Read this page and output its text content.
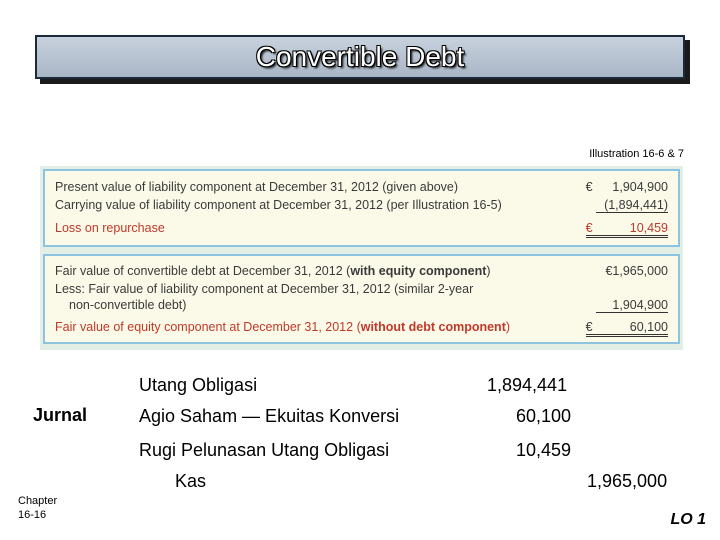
Convertible Debt
Illustration 16-6 & 7
Present value of liability component at December 31, 2012 (given above)	€ 1,904,900
Carrying value of liability component at December 31, 2012 (per Illustration 16-5)	(1,894,441)
Loss on repurchase	€	10,459
Fair value of convertible debt at December 31, 2012 (with equity component)	€1,965,000
Less: Fair value of liability component at December 31, 2012 (similar 2-year
non-convertible debt)	1,904,900
Fair value of equity component at December 31, 2012 (without debt component)	€	60,100
Jurnal
Utang Obligasi	1,894,441
Agio Saham — Ekuitas Konversi	60,100
Rugi Pelunasan Utang Obligasi	10,459
Kas	1,965,000
Chapter
16-16	LO 1
